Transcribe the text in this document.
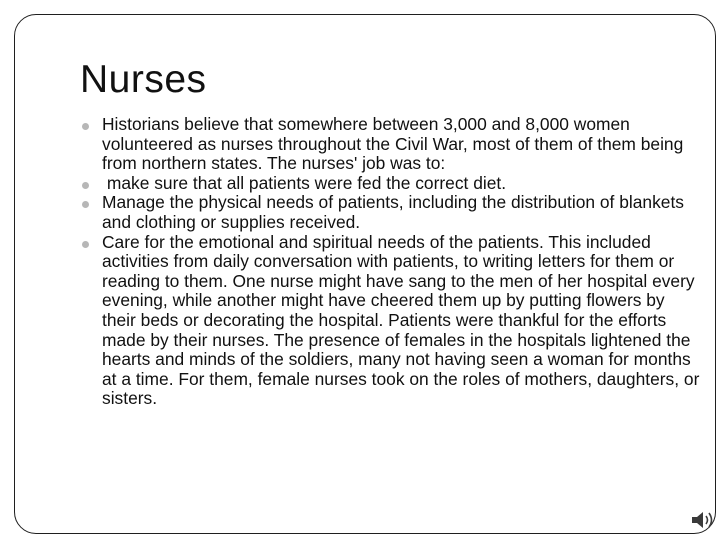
Nurses
Historians believe that somewhere between 3,000 and 8,000 women volunteered as nurses throughout the Civil War, most of them of them being from northern states. The nurses' job was to:
make sure that all patients were fed the correct diet.
Manage the physical needs of patients, including the distribution of blankets and clothing or supplies received.
Care for the emotional and spiritual needs of the patients. This included activities from daily conversation with patients, to writing letters for them or reading to them. One nurse might have sang to the men of her hospital every evening, while another might have cheered them up by putting flowers by their beds or decorating the hospital. Patients were thankful for the efforts made by their nurses. The presence of females in the hospitals lightened the hearts and minds of the soldiers, many not having seen a woman for months at a time. For them, female nurses took on the roles of mothers, daughters, or sisters.
